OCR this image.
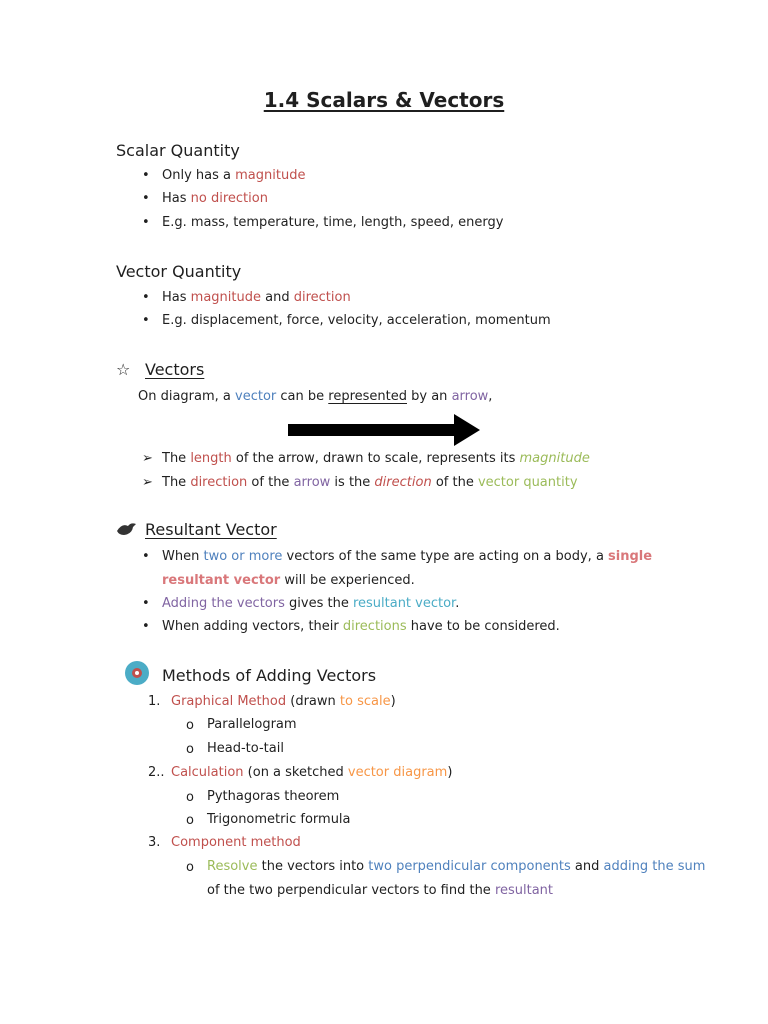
1.4 Scalars & Vectors
Scalar Quantity
• Only has a magnitude
• Has no direction
• E.g. mass, temperature, time, length, speed, energy
Vector Quantity
• Has magnitude and direction
• E.g. displacement, force, velocity, acceleration, momentum
☆ Vectors
On diagram, a vector can be represented by an arrow,
➢ The length of the arrow, drawn to scale, represents its magnitude
➢ The direction of the arrow is the direction of the vector quantity
Resultant Vector
• When two or more vectors of the same type are acting on a body, a single
resultant vector will be experienced.
• Adding the vectors gives the resultant vector.
• When adding vectors, their directions have to be considered.
Methods of Adding Vectors
1. Graphical Method (drawn to scale)
o Parallelogram
o Head-to-tail
2.. Calculation (on a sketched vector diagram)
o Pythagoras theorem
o Trigonometric formula
3. Component method
o Resolve the vectors into two perpendicular components and adding the sum
of the two perpendicular vectors to find the resultant
